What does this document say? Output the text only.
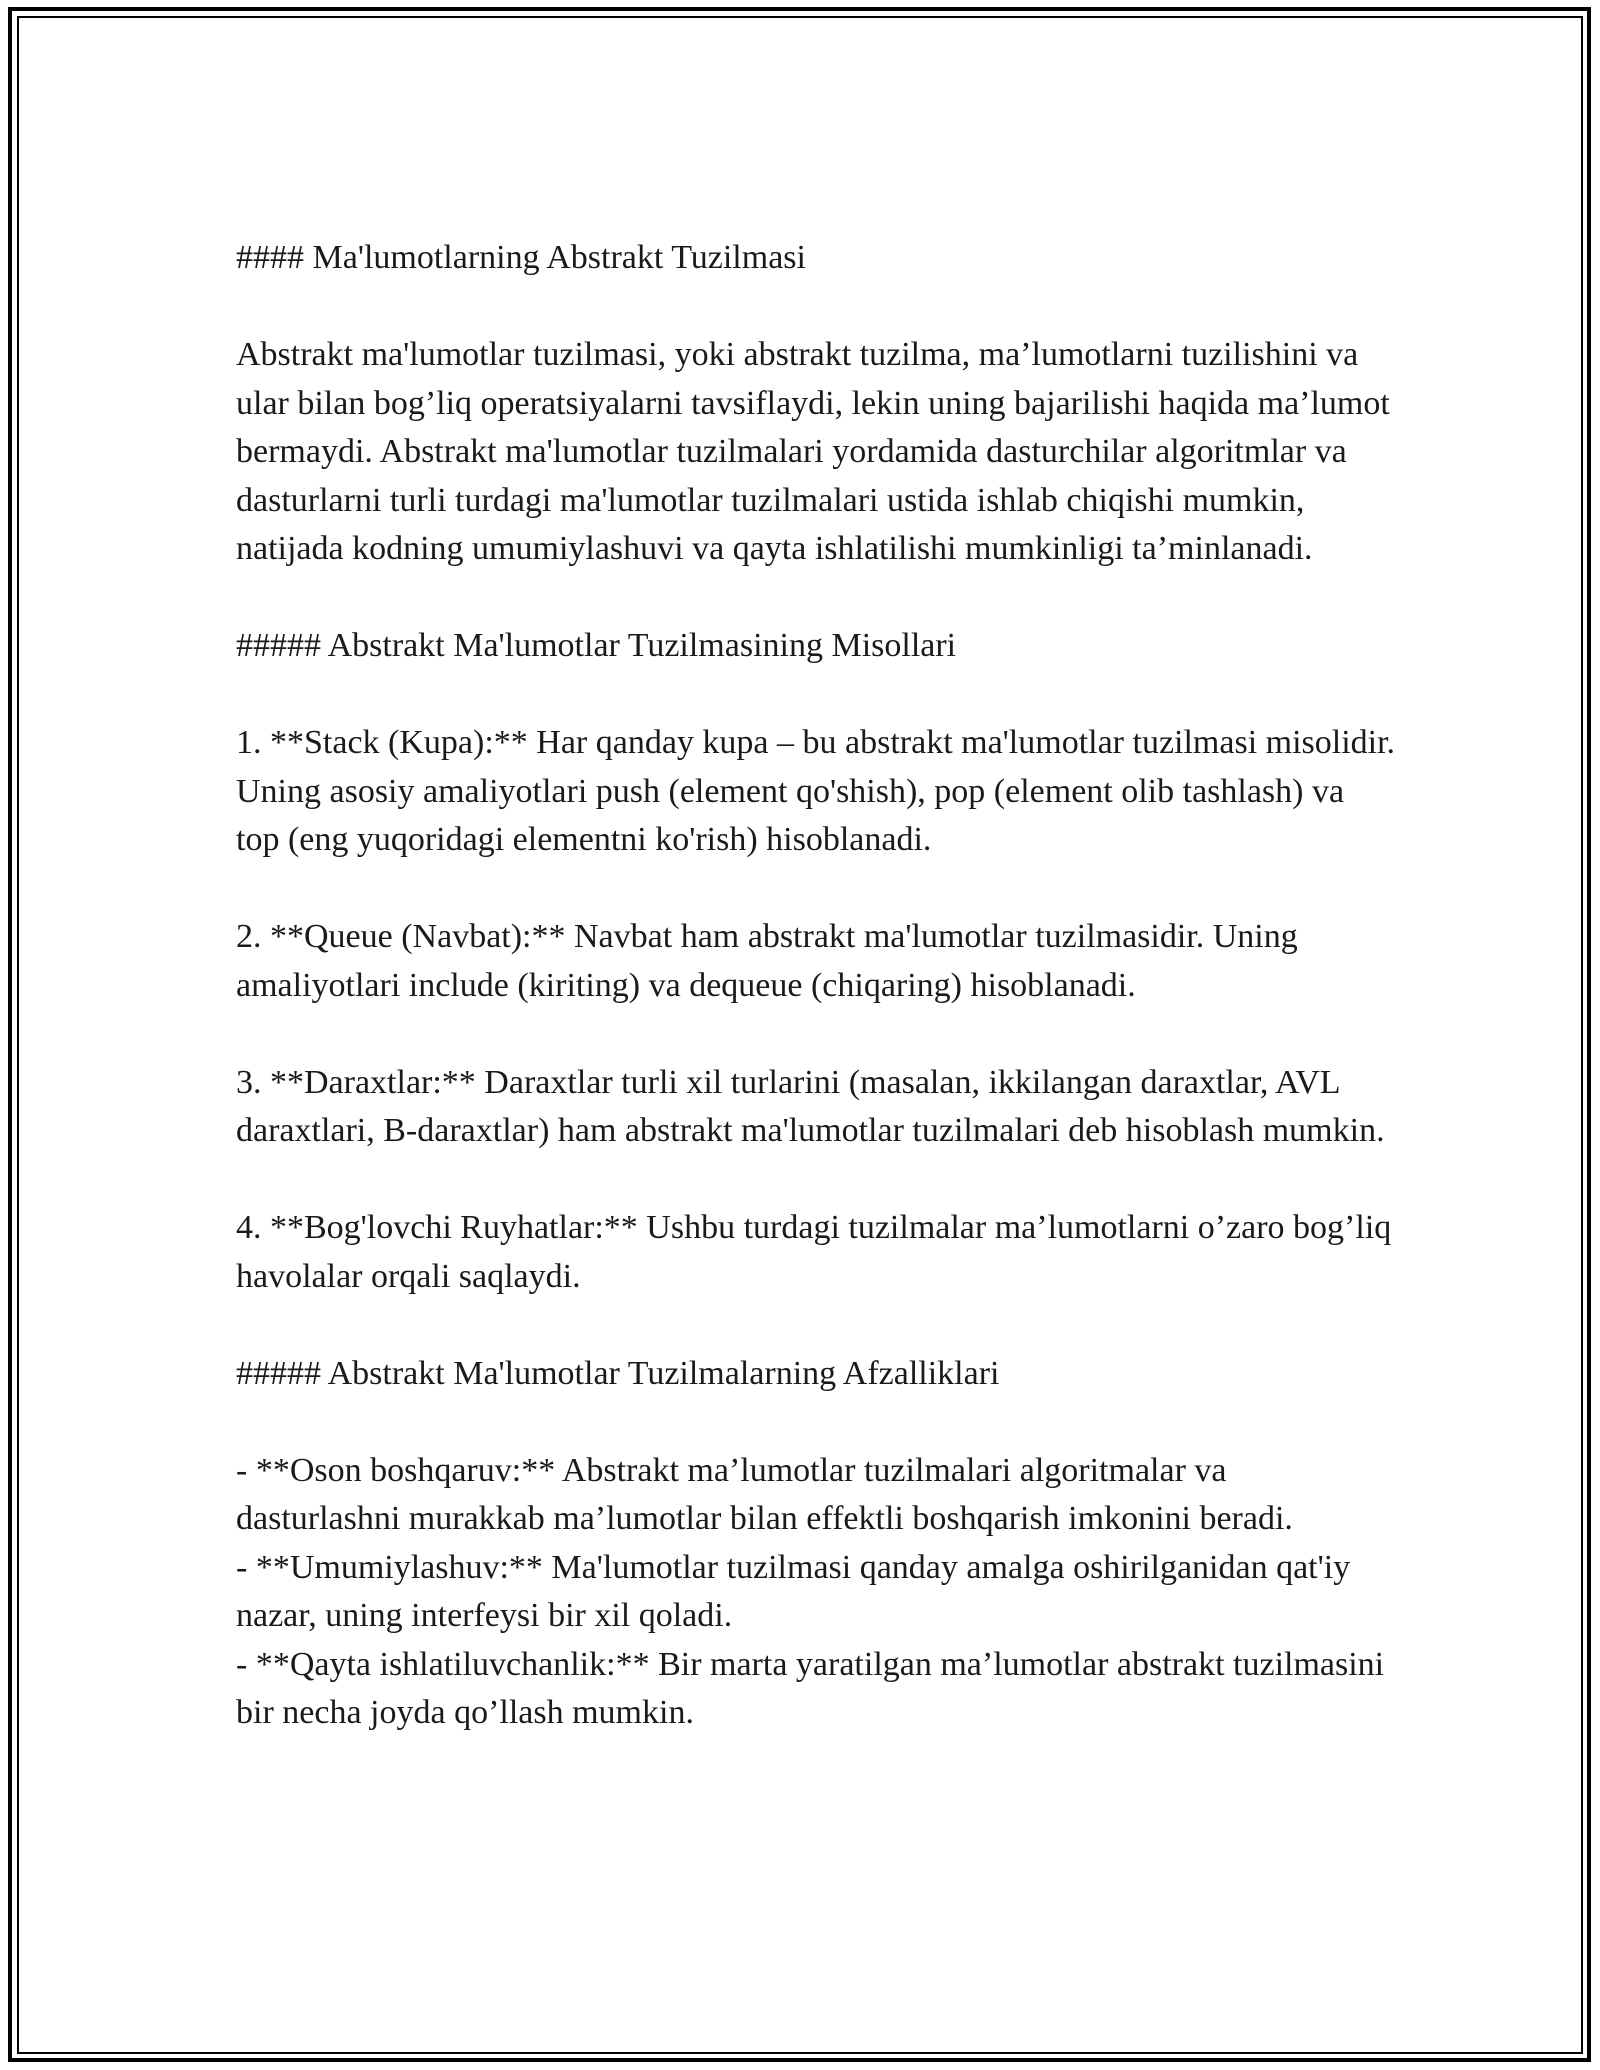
#### Ma'lumotlarning Abstrakt Tuzilmasi

Abstrakt ma'lumotlar tuzilmasi, yoki abstrakt tuzilma, ma’lumotlarni tuzilishini va ular bilan bog’liq operatsiyalarni tavsiflaydi, lekin uning bajarilishi haqida ma’lumot bermaydi. Abstrakt ma'lumotlar tuzilmalari yordamida dasturchilar algoritmlar va dasturlarni turli turdagi ma'lumotlar tuzilmalari ustida ishlab chiqishi mumkin, natijada kodning umumiylashuvi va qayta ishlatilishi mumkinligi ta’minlanadi.

##### Abstrakt Ma'lumotlar Tuzilmasining Misollari

1. **Stack (Kupa):** Har qanday kupa – bu abstrakt ma'lumotlar tuzilmasi misolidir. Uning asosiy amaliyotlari push (element qo'shish), pop (element olib tashlash) va top (eng yuqoridagi elementni ko'rish) hisoblanadi.

2. **Queue (Navbat):** Navbat ham abstrakt ma'lumotlar tuzilmasidir. Uning amaliyotlari include (kiriting) va dequeue (chiqaring) hisoblanadi.

3. **Daraxtlar:** Daraxtlar turli xil turlarini (masalan, ikkilangan daraxtlar, AVL daraxtlari, B-daraxtlar) ham abstrakt ma'lumotlar tuzilmalari deb hisoblash mumkin.

4. **Bog'lovchi Ruyhatlar:** Ushbu turdagi tuzilmalar ma’lumotlarni o’zaro bog’liq havolalar orqali saqlaydi.

##### Abstrakt Ma'lumotlar Tuzilmalarning Afzalliklari

- **Oson boshqaruv:** Abstrakt ma’lumotlar tuzilmalari algoritmalar va dasturlashni murakkab ma’lumotlar bilan effektli boshqarish imkonini beradi.

- **Umumiylashuv:** Ma'lumotlar tuzilmasi qanday amalga oshirilganidan qat'iy nazar, uning interfeysi bir xil qoladi.

- **Qayta ishlatiluvchanlik:** Bir marta yaratilgan ma’lumotlar abstrakt tuzilmasini bir necha joyda qo’llash mumkin.
